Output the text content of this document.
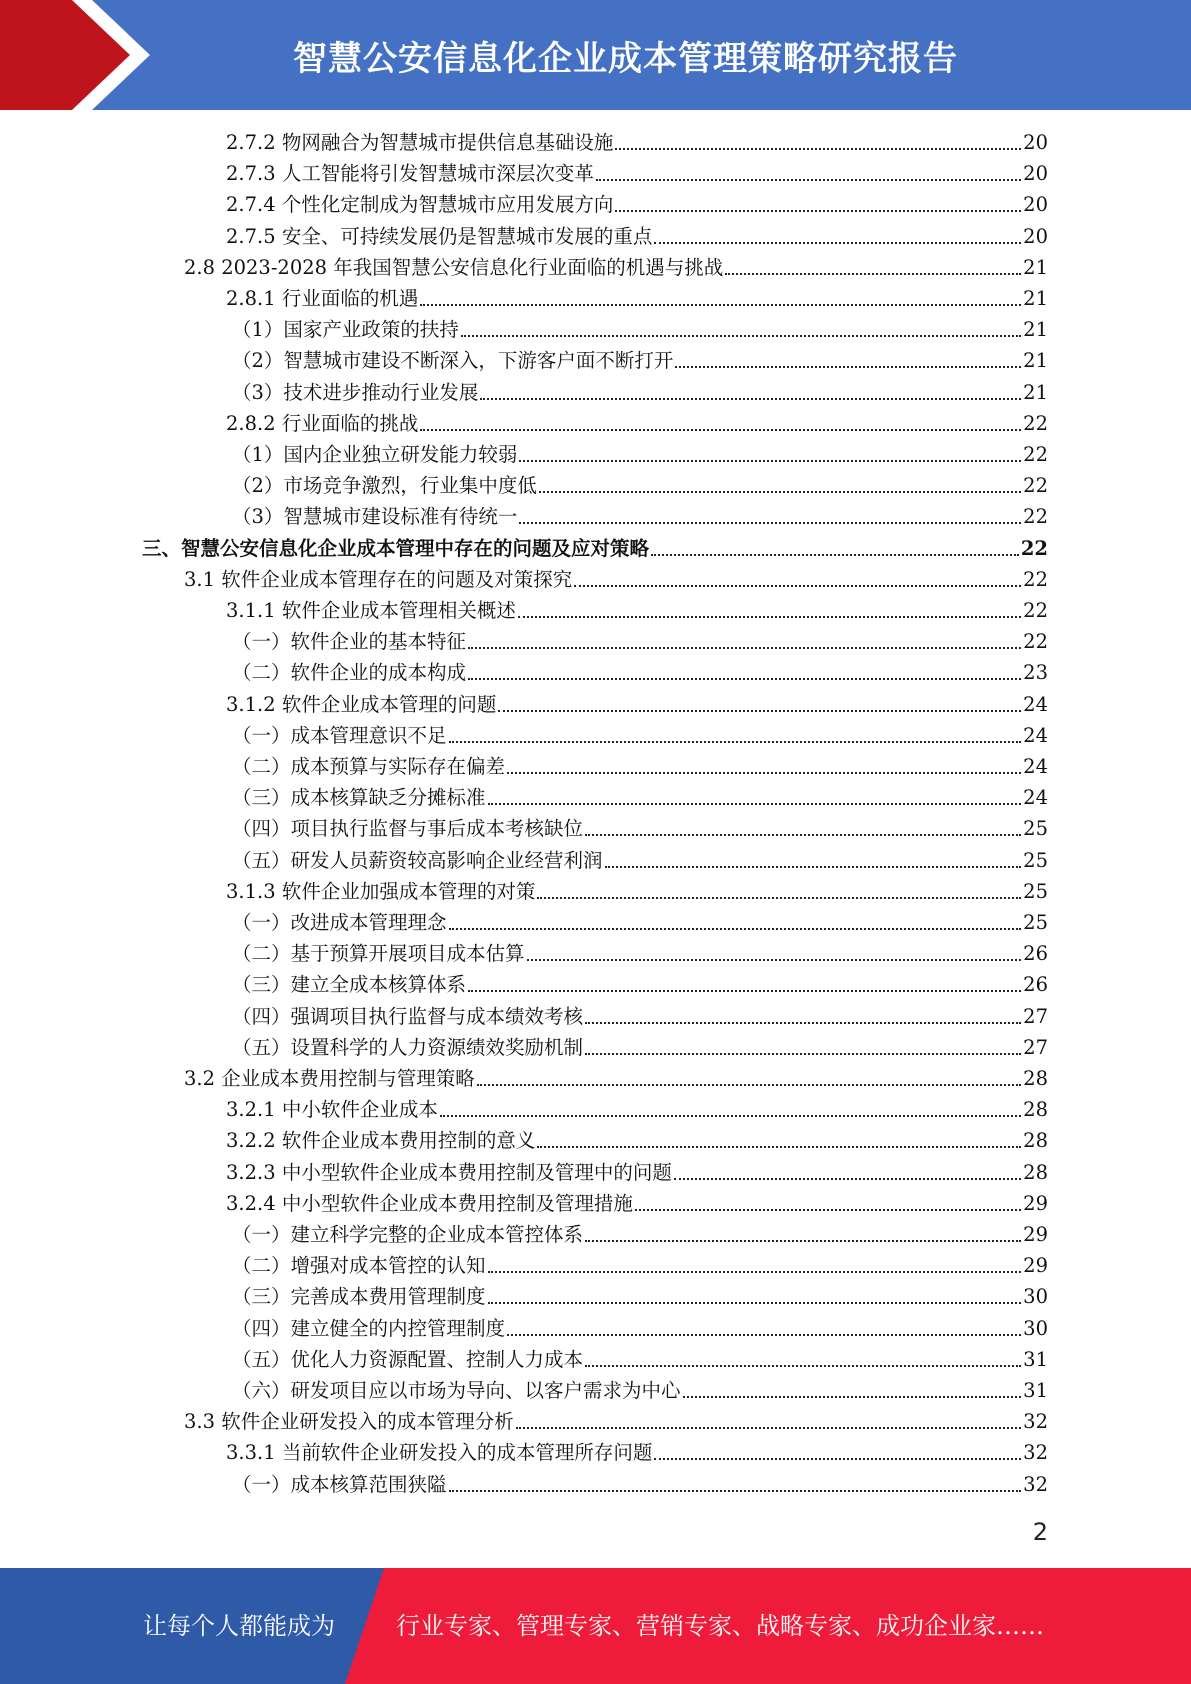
智慧公安信息化企业成本管理策略研究报告
2.7.2 物网融合为智慧城市提供信息基础设施	20
2.7.3 人工智能将引发智慧城市深层次变革	20
2.7.4 个性化定制成为智慧城市应用发展方向	20
2.7.5 安全、可持续发展仍是智慧城市发展的重点	20
2.8 2023-2028 年我国智慧公安信息化行业面临的机遇与挑战	21
2.8.1 行业面临的机遇	21
（1）国家产业政策的扶持	21
（2）智慧城市建设不断深入，下游客户面不断打开	21
（3）技术进步推动行业发展	21
2.8.2 行业面临的挑战	22
（1）国内企业独立研发能力较弱	22
（2）市场竞争激烈，行业集中度低	22
（3）智慧城市建设标准有待统一	22
三、智慧公安信息化企业成本管理中存在的问题及应对策略	22
3.1 软件企业成本管理存在的问题及对策探究	22
3.1.1 软件企业成本管理相关概述	22
（一）软件企业的基本特征	22
（二）软件企业的成本构成	23
3.1.2 软件企业成本管理的问题	24
（一）成本管理意识不足	24
（二）成本预算与实际存在偏差	24
（三）成本核算缺乏分摊标准	24
（四）项目执行监督与事后成本考核缺位	25
（五）研发人员薪资较高影响企业经营利润	25
3.1.3 软件企业加强成本管理的对策	25
（一）改进成本管理理念	25
（二）基于预算开展项目成本估算	26
（三）建立全成本核算体系	26
（四）强调项目执行监督与成本绩效考核	27
（五）设置科学的人力资源绩效奖励机制	27
3.2 企业成本费用控制与管理策略	28
3.2.1 中小软件企业成本	28
3.2.2 软件企业成本费用控制的意义	28
3.2.3 中小型软件企业成本费用控制及管理中的问题	28
3.2.4 中小型软件企业成本费用控制及管理措施	29
（一）建立科学完整的企业成本管控体系	29
（二）增强对成本管控的认知	29
（三）完善成本费用管理制度	30
（四）建立健全的内控管理制度	30
（五）优化人力资源配置、控制人力成本	31
（六）研发项目应以市场为导向、以客户需求为中心	31
3.3 软件企业研发投入的成本管理分析	32
3.3.1 当前软件企业研发投入的成本管理所存问题	32
（一）成本核算范围狭隘	32
2
让每个人都能成为	行业专家、管理专家、营销专家、战略专家、成功企业家……
